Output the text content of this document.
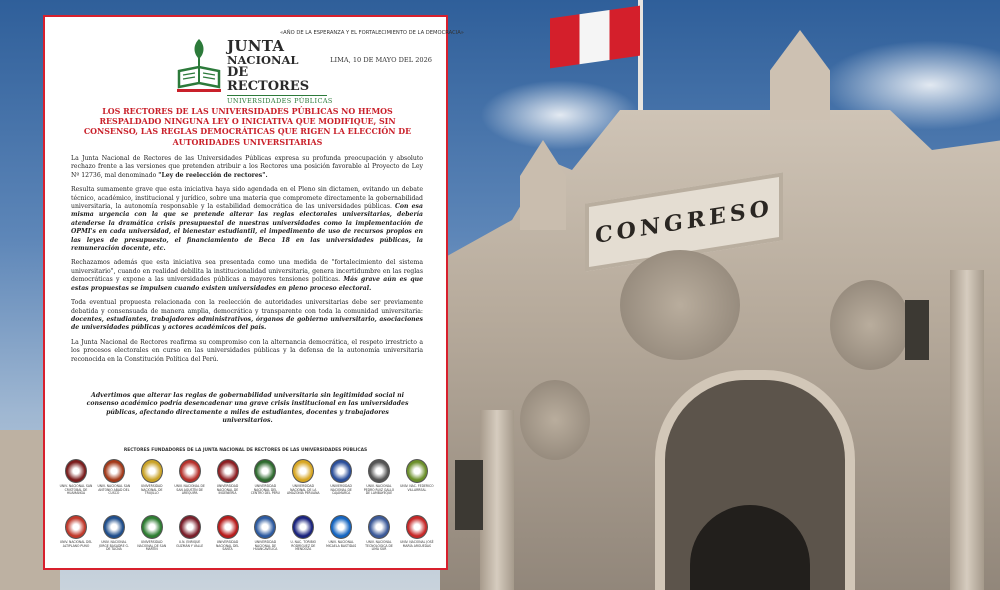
CONGRESO
«AÑO DE LA ESPERANZA Y EL FORTALECIMIENTO DE LA DEMOCRACIA»
JUNTA
NACIONAL
DE RECTORES
UNIVERSIDADES PÚBLICAS
LIMA, 10 DE MAYO DEL 2026
LOS RECTORES DE LAS UNIVERSIDADES PÚBLICAS NO HEMOS RESPALDADO NINGUNA LEY O INICIATIVA QUE MODIFIQUE, SIN CONSENSO, LAS REGLAS DEMOCRÁTICAS QUE RIGEN LA ELECCIÓN DE AUTORIDADES UNIVERSITARIAS

La Junta Nacional de Rectores de las Universidades Públicas expresa su profunda preocupación y absoluto rechazo frente a las versiones que pretenden atribuir a los Rectores una posición favorable al Proyecto de Ley Nº 12736, mal denominado "Ley de reelección de rectores".

Resulta sumamente grave que esta iniciativa haya sido agendada en el Pleno sin dictamen, evitando un debate técnico, académico, institucional y jurídico, sobre una materia que compromete directamente la gobernabilidad universitaria, la autonomía responsable y la estabilidad democrática de las universidades públicas. Con esa misma urgencia con la que se pretende alterar las reglas electorales universitarias, debería atenderse la dramática crisis presupuestal de nuestras universidades como la implementación de OPMI's en cada universidad, el bienestar estudiantil, el impedimento de uso de recursos propios en las leyes de presupuesto, el financiamiento de Beca 18 en las universidades públicas, la remuneración docente, etc.

Rechazamos además que esta iniciativa sea presentada como una medida de "fortalecimiento del sistema universitario", cuando en realidad debilita la institucionalidad universitaria, genera incertidumbre en las reglas democráticas y expone a las universidades públicas a mayores tensiones políticas. Más grave aún es que estas propuestas se impulsen cuando existen universidades en pleno proceso electoral.

Toda eventual propuesta relacionada con la reelección de autoridades universitarias debe ser previamente debatida y consensuada de manera amplia, democrática y transparente con toda la comunidad universitaria: docentes, estudiantes, trabajadores administrativos, órganos de gobierno universitario, asociaciones de universidades públicas y actores académicos del país.

La Junta Nacional de Rectores reafirma su compromiso con la alternancia democrática, el respeto irrestricto a los procesos electorales en curso en las universidades públicas y la defensa de la autonomía universitaria reconocida en la Constitución Política del Perú.

Advertimos que alterar las reglas de gobernabilidad universitaria sin legitimidad social ni consenso académico podría desencadenar una grave crisis institucional en las universidades públicas, afectando directamente a miles de estudiantes, docentes y trabajadores universitarios.
RECTORES FUNDADORES DE LA JUNTA NACIONAL DE RECTORES DE LAS UNIVERSIDADES PÚBLICAS
UNIV. NACIONAL SAN CRISTÓBAL DE HUAMANGA
UNIV. NACIONAL SAN ANTONIO ABAD DEL CUSCO
UNIVERSIDAD NACIONAL DE TRUJILLO
UNIV. NACIONAL DE SAN AGUSTÍN DE AREQUIPA
UNIVERSIDAD NACIONAL DE INGENIERÍA
UNIVERSIDAD NACIONAL DEL CENTRO DEL PERÚ
UNIVERSIDAD NACIONAL DE LA AMAZONÍA PERUANA
UNIVERSIDAD NACIONAL DE CAJAMARCA
UNIV. NACIONAL PEDRO RUIZ GALLO DE LAMBAYEQUE
UNIV. NAC. FEDERICO VILLARREAL
UNIV. NACIONAL DEL ALTIPLANO PUNO
UNIV. NACIONAL JORGE BASADRE G. DE TACNA
UNIVERSIDAD NACIONAL DE SAN MARTÍN
U.N. ENRIQUE GUZMÁN Y VALLE
UNIVERSIDAD NACIONAL DEL SANTA
UNIVERSIDAD NACIONAL DE HUANCAVELICA
U. NAC. TORIBIO RODRÍGUEZ DE MENDOZA
UNIV. NACIONAL MICAELA BASTIDAS
UNIV. NACIONAL TECNOLÓGICA DE LIMA SUR
UNIV. NACIONAL JOSÉ MARÍA ARGUEDAS
